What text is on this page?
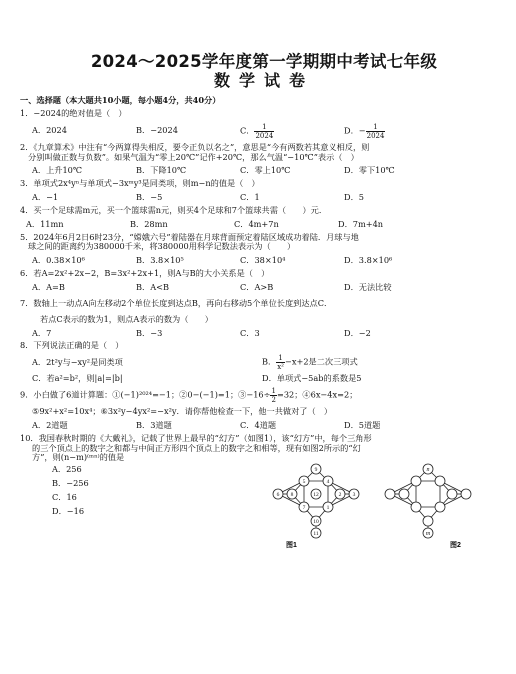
2024～2025学年度第一学期期中考试七年级
数学试卷
一、选择题（本大题共10小题，每小题4分，共40分）
1．−2024的绝对值是（　）
A．2024	B．−2024	C． $\frac{1}{2024}$	D．− $\frac{1}{2024}$
2．《九章算术》中注有“今两算得失相反，要令正负以名之”，意思是“今有两数若其意义相反，则
分别叫做正数与负数”。如果气温为“零上20℃”记作+20℃，那么气温“−10℃”表示（　）
A．上升10℃	B．下降10℃	C．零上10℃	D．零下10℃
3．单项式2x⁴yⁿ与单项式−3xᵐy³是同类项，则m−n的值是（　）
A．−1	B．−5	C．1	D．5
4．买一个足球需m元，买一个篮球需n元，则买4个足球和7个篮球共需（　　）元．
A．11mn	B．28mn	C．4m+7n	D．7m+4n
5．2024年6月2日6时23分，“嫦娥六号”着陆器在月球背面预定着陆区域成功着陆．月球与地
球之间的距离约为380000千米，将380000用科学记数法表示为（　　）
A．0.38×10⁶	B．3.8×10⁵	C．38×10⁴	D．3.8×10⁶
6．若A=2x²+2x−2，B=3x²+2x+1，则A与B的大小关系是（　）
A．A=B	B．A<B	C．A>B	D．无法比较
7．数轴上一动点A向左移动2个单位长度到达点B，再向右移动5个单位长度到达点C．
若点C表示的数为1，则点A表示的数为（　　）
A．7	B．−3	C．3	D．−2
8．下列说法正确的是（　）
A．2t²y与−xy²是同类项	B． $\frac{1}{\text{x²}} -x+2$是二次三项式
C．若a²=b²，则|a|=|b|	D．单项式−5ab的系数是5
9．小白做了6道计算题：①(−1)²⁰²⁴=−1；②0−(−1)=1；③−16÷ $\frac{1}{2} =32$；④6x−4x=2；
⑤9x²+x²=10x⁴；⑥3x²y−4yx²=−x²y．请你帮他检查一下，他一共做对了（　）
A．2道题	B．3道题	C．4道题	D．5道题
10．我国春秋时期的《大戴礼》，记载了世界上最早的“幻方”（如图1），该“幻方”中，每个三角形
的三个顶点上的数字之和都与中间正方形四个顶点上的数字之和相等，现有如图2所示的“幻
方”，则(n−m)⁽ᵐⁿ⁾的值是
A．256
B．−256
C．16
D．−16
9
5	4
6 8	2 3
7	1
10
11
12
图1
n
m
图2
